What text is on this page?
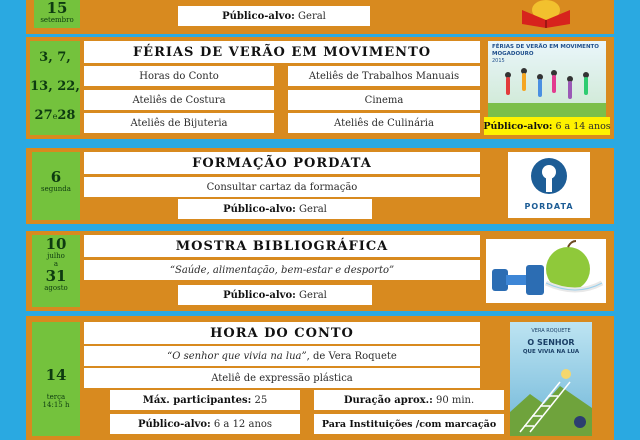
15
setembro	Público-alvo:
Geral
3, 7,
13, 22,
27e28
FÉRIAS DE VERÃO EM MOVIMENTO
Horas do Conto	Ateliês de Trabalhos Manuais
Ateliês de Costura	Cinema
Ateliês de Bijuteria	Ateliês de Culinária
FÉRIAS DE VERÃO EM MOVIMENTO
MOGADOURO
2015
Público-alvo:
6 a 14 anos
6
segunda
FORMAÇÃO PORDATA
Consultar cartaz da formação
Público-alvo:
Geral	PORDATA
10
julho
a
31
agosto
MOSTRA BIBLIOGRÁFICA
“Saúde, alimentação, bem-estar e desporto”
Público-alvo:
Geral
14
terça
14:15 h
HORA DO CONTO
“O senhor que vivia na lua” , de Vera Roquete
Ateliê de expressão plástica
Máx. participantes:
25	Duração aprox.:
90 min.
Público-alvo:
6 a 12 anos	Para Instituições /com marcação
VERA ROQUETE
O SENHOR
QUE VIVIA NA LUA
